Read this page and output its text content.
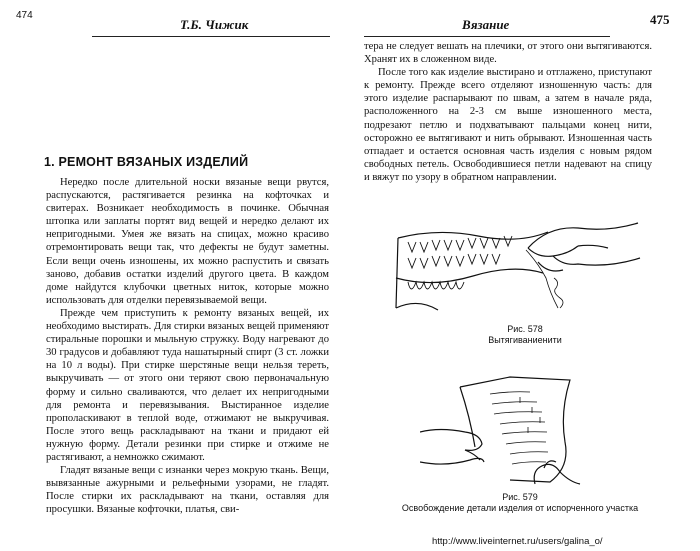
474
Т.Б. Чижик
1. РЕМОНТ ВЯЗАНЫХ ИЗДЕЛИЙ

Нередко после длительной носки вязаные вещи рвутся, распускаются, растягивается резинка на кофточках и свитерах. Возникает необходимость в починке. Обычная штопка или заплаты портят вид вещей и нередко делают их непригодными. Умея же вязать на спицах, можно красиво отремонтировать вещи так, что дефекты не будут заметны. Если вещи очень изношены, их можно распустить и связать заново, добавив остатки изделий другого цвета. В каждом доме найдутся клубочки цветных ниток, которые можно использовать для отделки перевязываемой вещи.

Прежде чем приступить к ремонту вязаных вещей, их необходимо выстирать. Для стирки вязаных вещей применяют стиральные порошки и мыльную стружку. Воду нагревают до 30 градусов и добавляют туда нашатырный спирт (3 ст. ложки на 10 л воды). При стирке шерстяные вещи нельзя тереть, выкручивать — от этого они теряют свою первоначальную форму и сильно сваливаются, что делает их непригодными для ремонта и перевязывания. Выстиранное изделие прополаскивают в теплой воде, отжимают не выкручивая. После этого вещь раскладывают на ткани и придают ей нужную форму. Детали резинки при стирке и отжиме не растягивают, а немножко сжимают.

Гладят вязаные вещи с изнанки через мокрую ткань. Вещи, вывязанные ажурными и рельефными узорами, не гладят. После стирки их раскладывают на ткани, оставляя для просушки. Вязаные кофточки, платья, сви-

Вязание	475

тера не следует вешать на плечики, от этого они вытягиваются. Хранят их в сложенном виде.

После того как изделие выстирано и отглажено, приступают к ремонту. Прежде всего отделяют изношенную часть: для этого изделие распарывают по швам, а затем в начале ряда, расположенного на 2-3 см выше изношенного места, подрезают петлю и подхватывают пальцами конец нити, осторожно ее вытягивают и нить обрывают. Изношенная часть отпадает и остается основная часть изделия с новым рядом свободных петель. Освободившиеся петли надевают на спицу и вяжут по узору в обратном направлении.

Рис. 578
Вытягиваниенити
Рис. 579
Освобождение детали изделия от испорченного участка
http://www.liveinternet.ru/users/galina_o/
